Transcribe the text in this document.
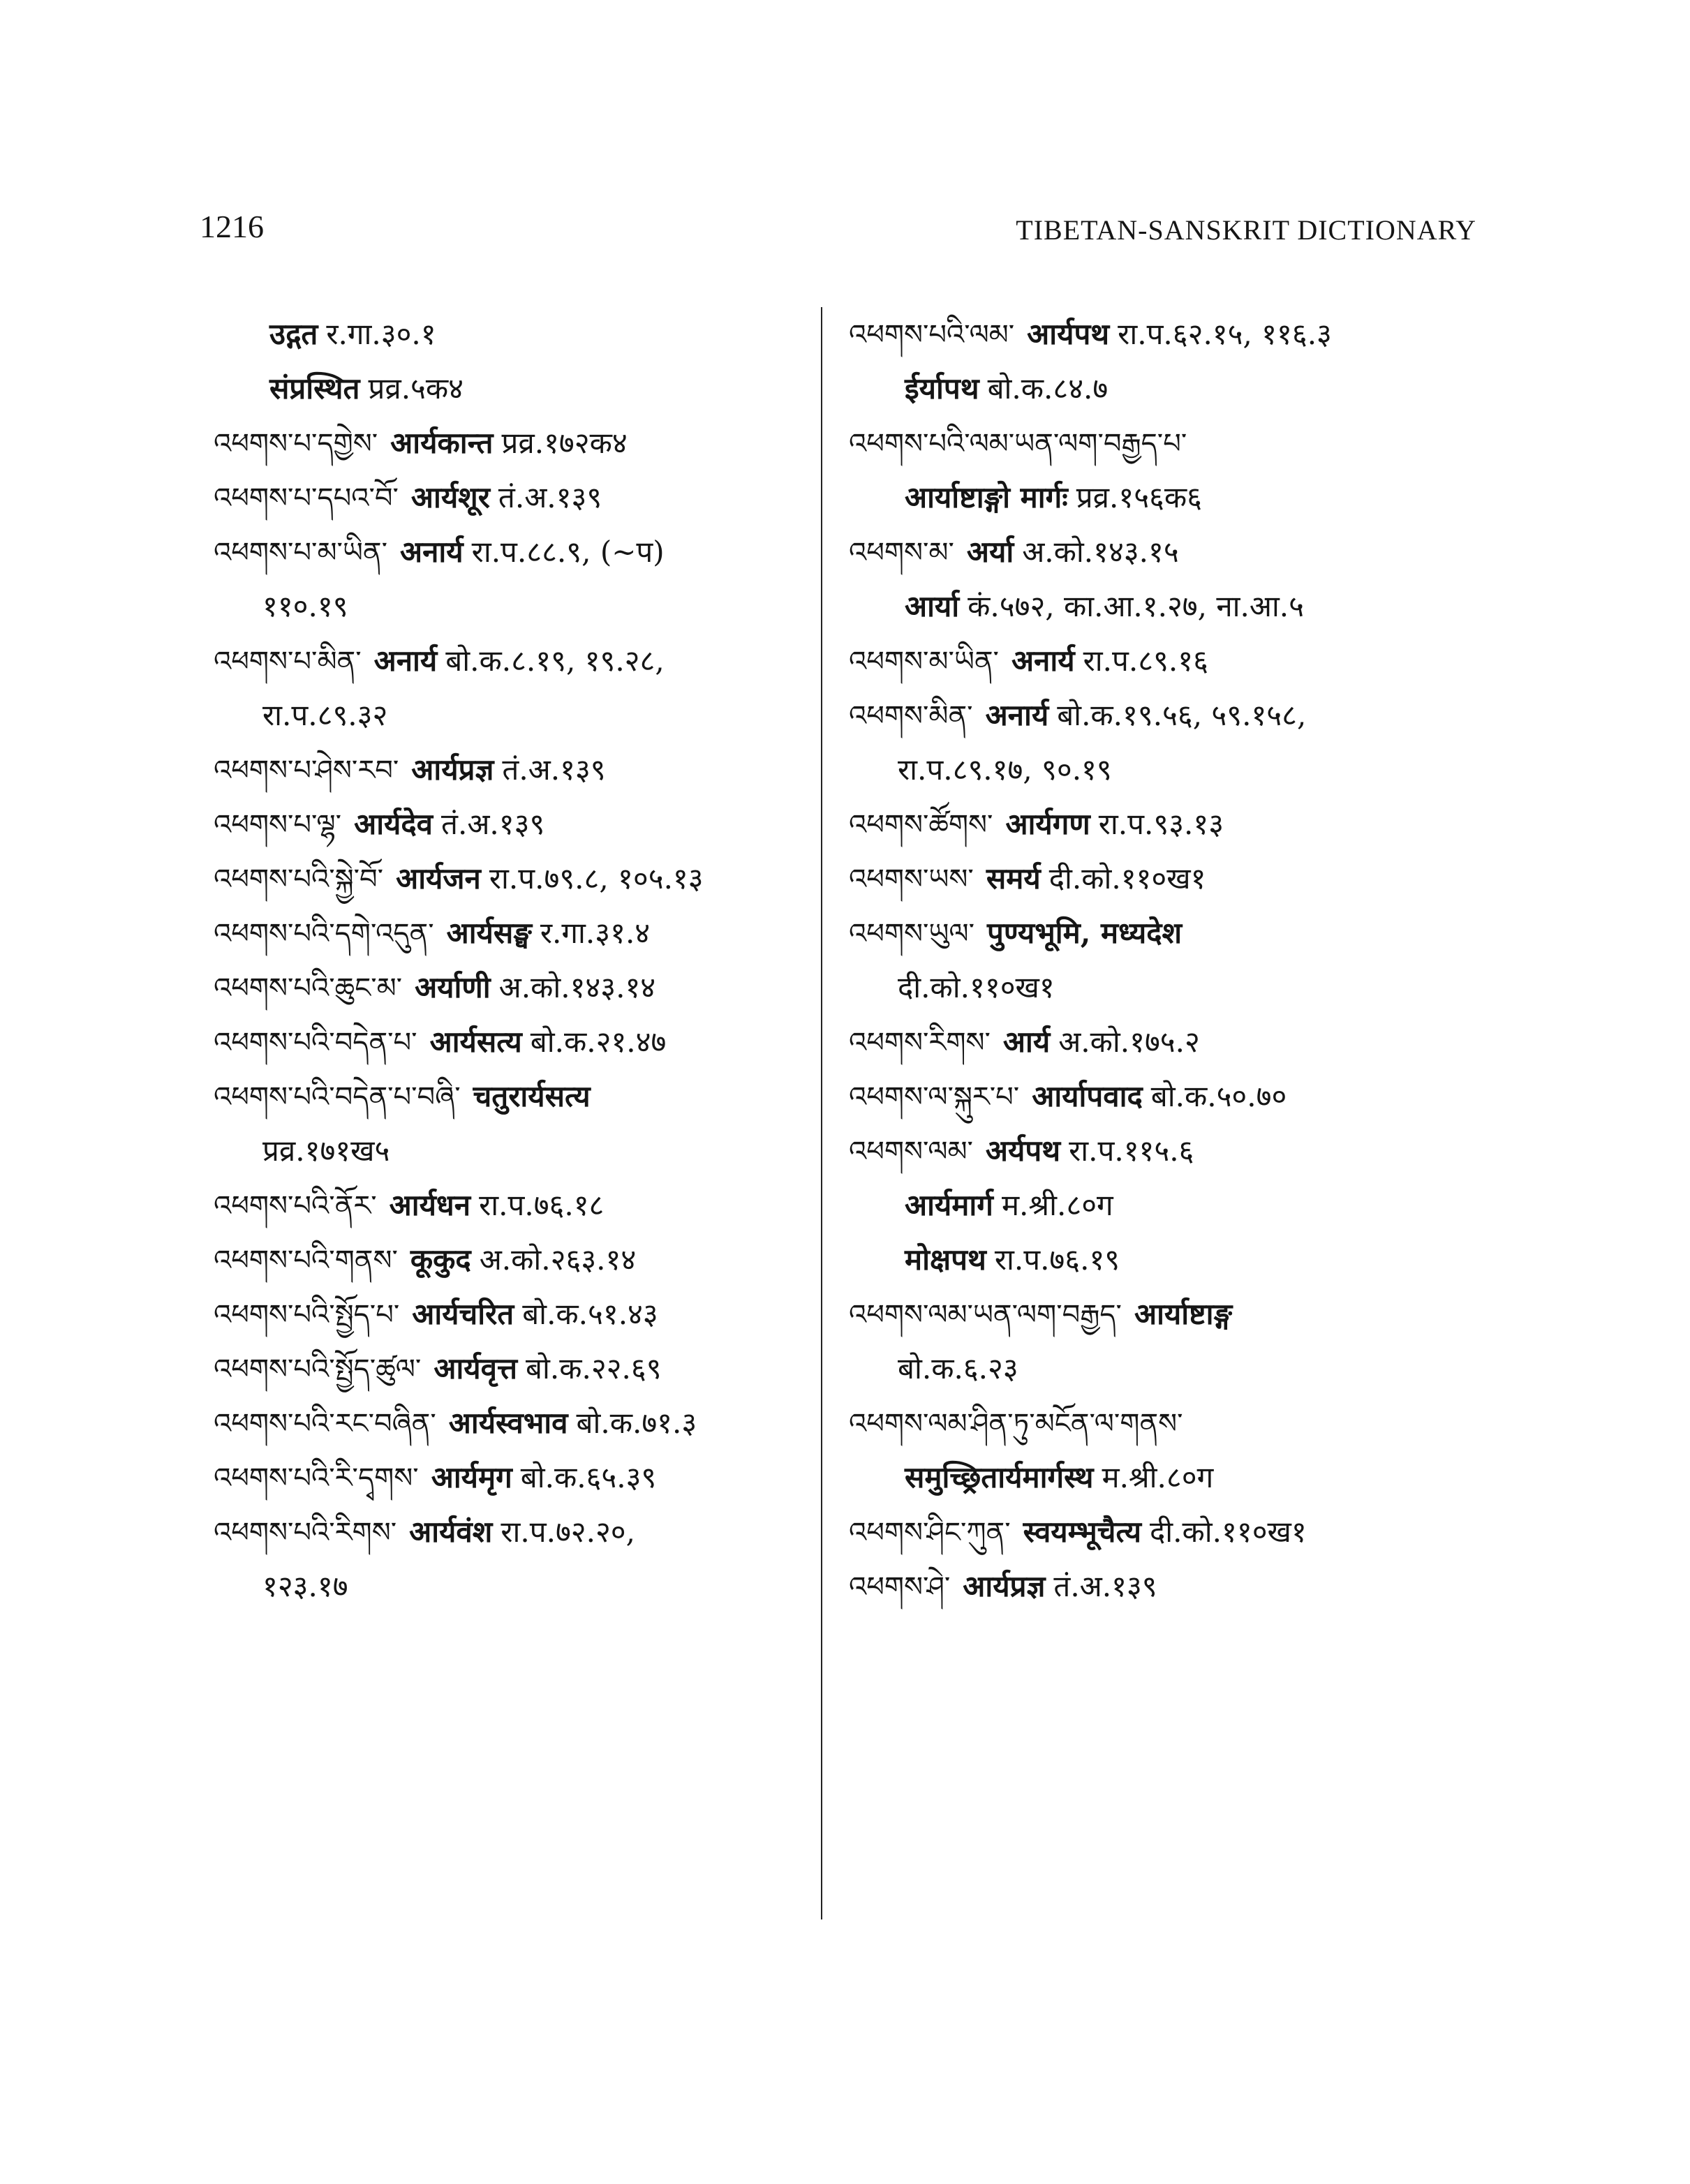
1216	TIBETAN-SANSKRIT DICTIONARY
उद्गत र.गा.३०.१
संप्रस्थित प्रव्र.५क४
འཕགས་པ་དགྱེས་ आर्यकान्त प्रव्र.१७२क४
འཕགས་པ་དཔའ་བོ་ आर्यशूर तं.अ.१३९
འཕགས་པ་མ་ཡིན་ अनार्य रा.प.८८.९, (~प)
११०.१९
འཕགས་པ་མིན་ अनार्य बो.क.८.१९, १९.२८,
रा.प.८९.३२
འཕགས་པ་ཤེས་རབ་ आर्यप्रज्ञ तं.अ.१३९
འཕགས་པ་ལྷ་ आर्यदेव तं.अ.१३९
འཕགས་པའི་སྐྱེ་བོ་ आर्यजन रा.प.७९.८, १०५.१३
འཕགས་པའི་དགེ་འདུན་ आर्यसङ्घ र.गा.३१.४
འཕགས་པའི་ཆུང་མ་ अर्याणी अ.को.१४३.१४
འཕགས་པའི་བདེན་པ་ आर्यसत्य बो.क.२१.४७
འཕགས་པའི་བདེན་པ་བཞི་ चतुरार्यसत्य
प्रव्र.१७१ख५
འཕགས་པའི་ནོར་ आर्यधन रा.प.७६.१८
འཕགས་པའི་གནས་ कूकुद अ.को.२६३.१४
འཕགས་པའི་སྤྱོད་པ་ आर्यचरित बो.क.५१.४३
འཕགས་པའི་སྤྱོད་ཚུལ་ आर्यवृत्त बो.क.२२.६९
འཕགས་པའི་རང་བཞིན་ आर्यस्वभाव बो.क.७१.३
འཕགས་པའི་རི་དྭགས་ आर्यमृग बो.क.६५.३९
འཕགས་པའི་རིགས་ आर्यवंश रा.प.७२.२०,
१२३.१७
འཕགས་པའི་ལམ་ आर्यपथ रा.प.६२.१५, ११६.३
ईर्यापथ बो.क.८४.७
འཕགས་པའི་ལམ་ཡན་ལག་བརྒྱད་པ་
आर्याष्टाङ्गो मार्गः प्रव्र.१५६क६
འཕགས་མ་ अर्या अ.को.१४३.१५
आर्या कं.५७२, का.आ.१.२७, ना.आ.५
འཕགས་མ་ཡིན་ अनार्य रा.प.८९.१६
འཕགས་མིན་ अनार्य बो.क.१९.५६, ५९.१५८,
रा.प.८९.१७, ९०.१९
འཕགས་ཚོགས་ आर्यगण रा.प.९३.१३
འཕགས་ཡས་ समर्य दी.को.११०ख१
འཕགས་ཡུལ་ पुण्यभूमि, मध्यदेश
दी.को.११०ख१
འཕགས་རིགས་ आर्य अ.को.१७५.२
འཕགས་ལ་སྐུར་པ་ आर्यापवाद बो.क.५०.७०
འཕགས་ལམ་ अर्यपथ रा.प.११५.६
आर्यमार्ग म.श्री.८०ग
मोक्षपथ रा.प.७६.१९
འཕགས་ལམ་ཡན་ལག་བརྒྱད་ आर्याष्टाङ्ग
बो.क.६.२३
འཕགས་ལམ་ཤིན་ཏུ་མངོན་ལ་གནས་
समुच्छ्रितार्यमार्गस्थ म.श्री.८०ग
འཕགས་ཤིང་ཀུན་ स्वयम्भूचैत्य दी.को.११०ख१
འཕགས་ཤེ་ आर्यप्रज्ञ तं.अ.१३९
